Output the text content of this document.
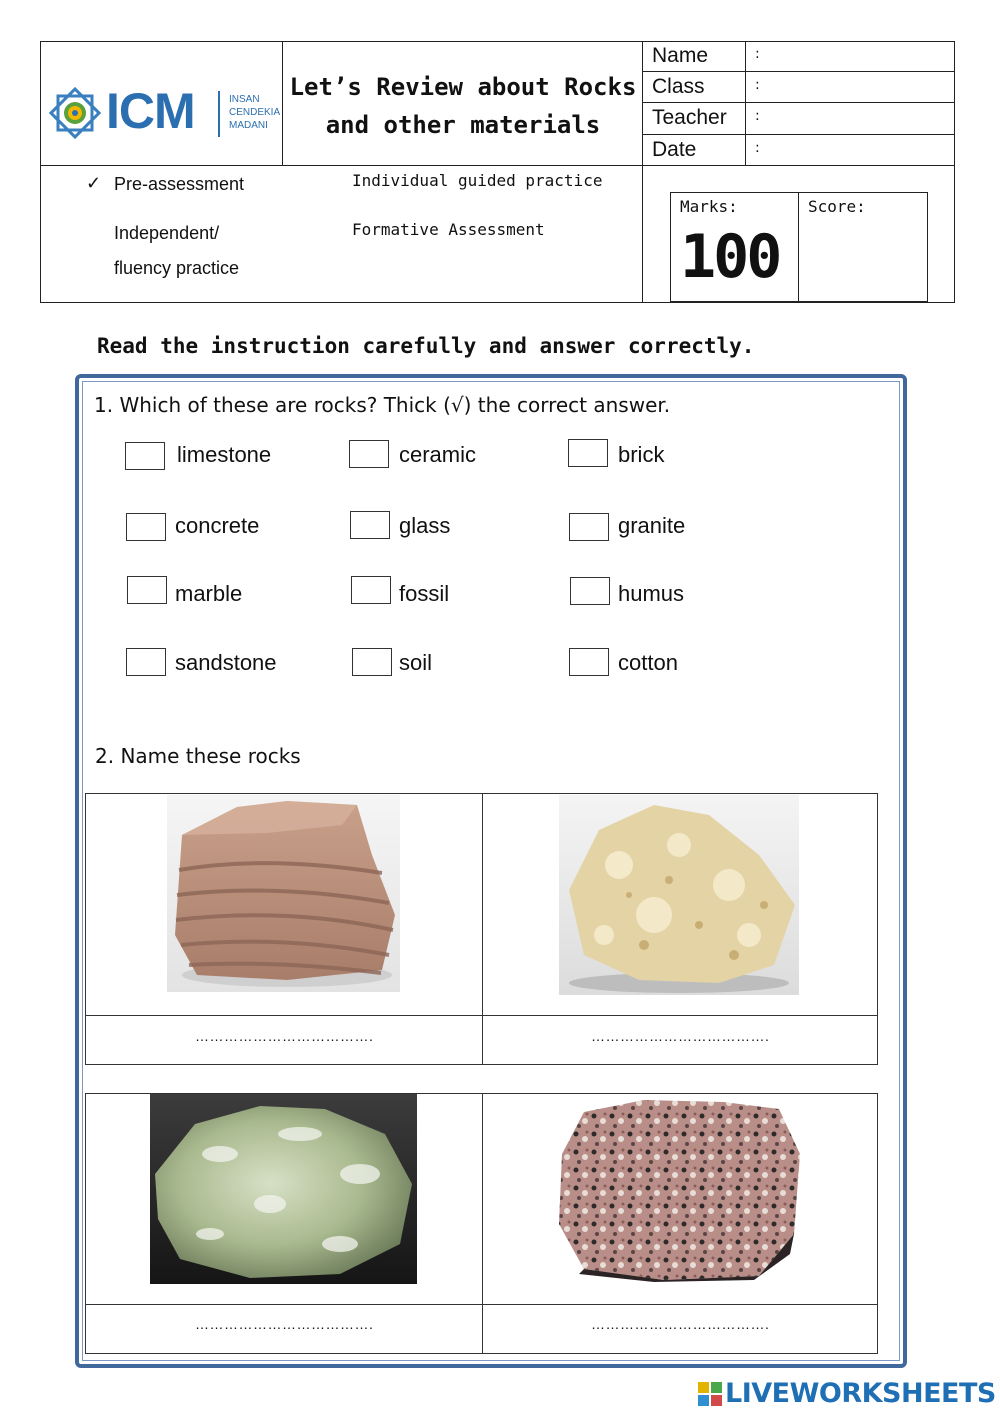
ICM	INSAN
CENDEKIA
MADANI
Let’s Review about Rocks
and other materials
Name	:
Class	:
Teacher :
Date	:
✓ Pre-assessment
Independent/
fluency practice
Individual guided practice
Formative Assessment
Marks:
100
Score:
Read the instruction carefully and answer correctly.
1. Which of these are rocks? Thick (√) the correct answer.
limestone	ceramic	brick
concrete	glass	granite
marble	fossil	humus
sandstone	soil	cotton
2. Name these rocks
……………………………….	……………………………….
……………………………….	……………………………….
LIVEWORKSHEETS
